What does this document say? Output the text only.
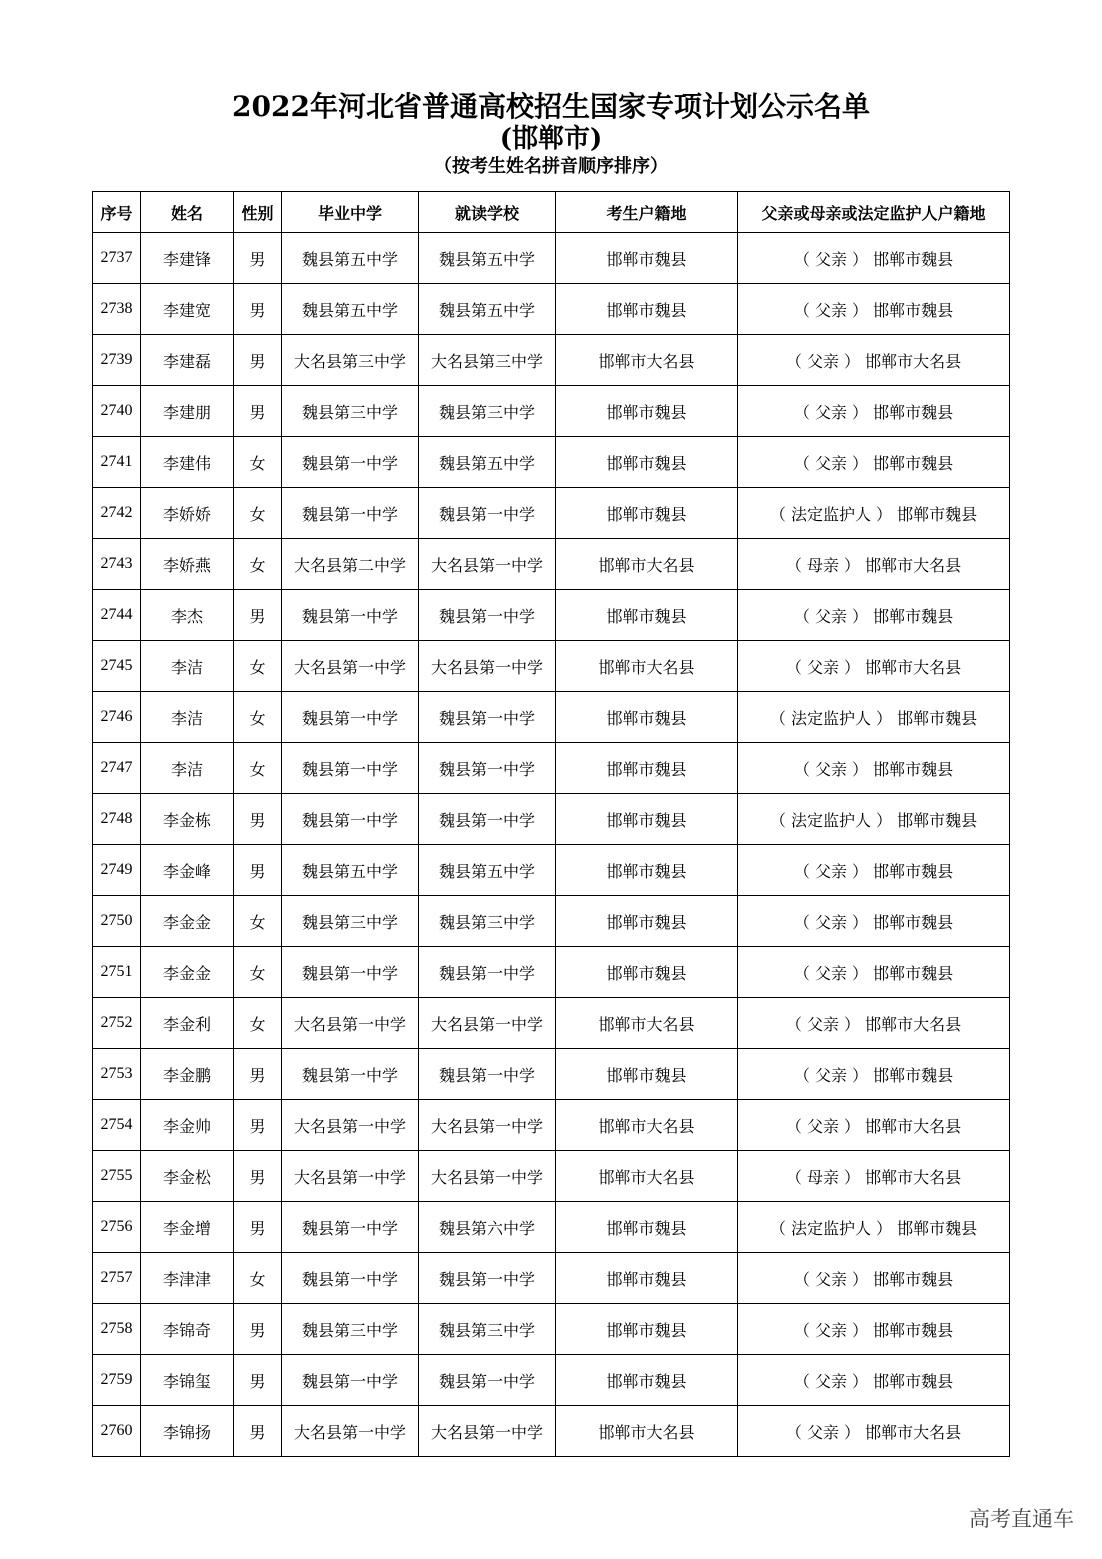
2022年河北省普通高校招生国家专项计划公示名单
(邯郸市)
（按考生姓名拼音顺序排序）
序号	姓名	性别	毕业中学	就读学校	考生户籍地	父亲或母亲或法定监护人户籍地
2737	李建锋	男	魏县第五中学	魏县第五中学	邯郸市魏县	（ 父亲 ） 邯郸市魏县
2738	李建宽	男	魏县第五中学	魏县第五中学	邯郸市魏县	（ 父亲 ） 邯郸市魏县
2739	李建磊	男	大名县第三中学	大名县第三中学	邯郸市大名县	（ 父亲 ） 邯郸市大名县
2740	李建朋	男	魏县第三中学	魏县第三中学	邯郸市魏县	（ 父亲 ） 邯郸市魏县
2741	李建伟	女	魏县第一中学	魏县第五中学	邯郸市魏县	（ 父亲 ） 邯郸市魏县
2742	李娇娇	女	魏县第一中学	魏县第一中学	邯郸市魏县	（ 法定监护人 ） 邯郸市魏县
2743	李娇燕	女	大名县第二中学	大名县第一中学	邯郸市大名县	（ 母亲 ） 邯郸市大名县
2744	李杰	男	魏县第一中学	魏县第一中学	邯郸市魏县	（ 父亲 ） 邯郸市魏县
2745	李洁	女	大名县第一中学	大名县第一中学	邯郸市大名县	（ 父亲 ） 邯郸市大名县
2746	李洁	女	魏县第一中学	魏县第一中学	邯郸市魏县	（ 法定监护人 ） 邯郸市魏县
2747	李洁	女	魏县第一中学	魏县第一中学	邯郸市魏县	（ 父亲 ） 邯郸市魏县
2748	李金栋	男	魏县第一中学	魏县第一中学	邯郸市魏县	（ 法定监护人 ） 邯郸市魏县
2749	李金峰	男	魏县第五中学	魏县第五中学	邯郸市魏县	（ 父亲 ） 邯郸市魏县
2750	李金金	女	魏县第三中学	魏县第三中学	邯郸市魏县	（ 父亲 ） 邯郸市魏县
2751	李金金	女	魏县第一中学	魏县第一中学	邯郸市魏县	（ 父亲 ） 邯郸市魏县
2752	李金利	女	大名县第一中学	大名县第一中学	邯郸市大名县	（ 父亲 ） 邯郸市大名县
2753	李金鹏	男	魏县第一中学	魏县第一中学	邯郸市魏县	（ 父亲 ） 邯郸市魏县
2754	李金帅	男	大名县第一中学	大名县第一中学	邯郸市大名县	（ 父亲 ） 邯郸市大名县
2755	李金松	男	大名县第一中学	大名县第一中学	邯郸市大名县	（ 母亲 ） 邯郸市大名县
2756	李金增	男	魏县第一中学	魏县第六中学	邯郸市魏县	（ 法定监护人 ） 邯郸市魏县
2757	李津津	女	魏县第一中学	魏县第一中学	邯郸市魏县	（ 父亲 ） 邯郸市魏县
2758	李锦奇	男	魏县第三中学	魏县第三中学	邯郸市魏县	（ 父亲 ） 邯郸市魏县
2759	李锦玺	男	魏县第一中学	魏县第一中学	邯郸市魏县	（ 父亲 ） 邯郸市魏县
2760	李锦扬	男	大名县第一中学	大名县第一中学	邯郸市大名县	（ 父亲 ） 邯郸市大名县
高考直通车
